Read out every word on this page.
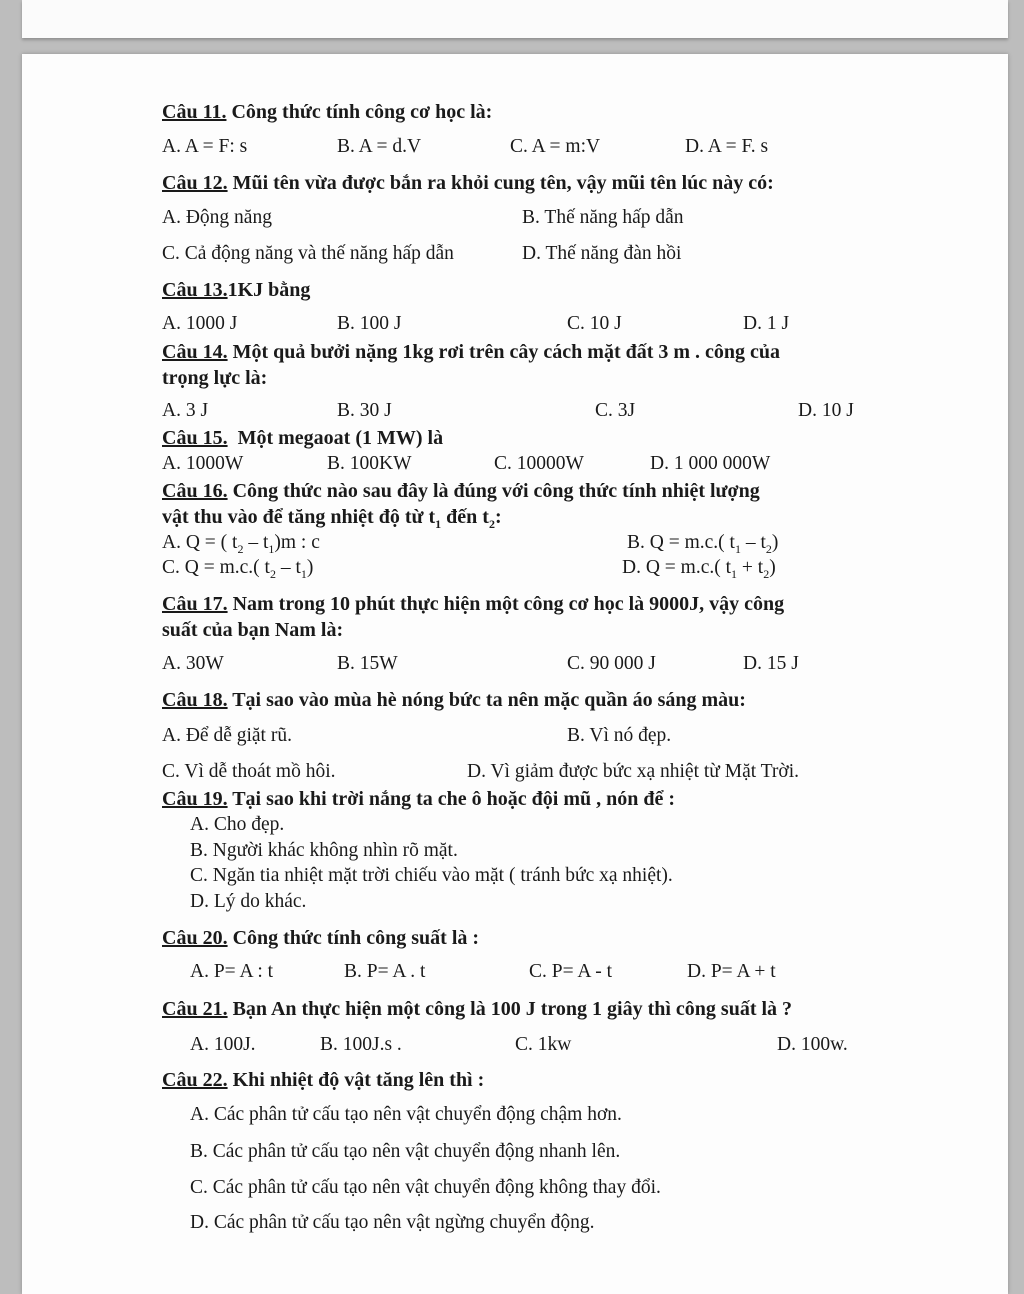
Câu 11. Công thức tính công cơ học là:
A. A = F: s	B. A = d.V	C. A = m:V	D. A = F. s
Câu 12. Mũi tên vừa được bắn ra khỏi cung tên, vậy mũi tên lúc này có:
A. Động năng	B. Thế năng hấp dẫn
C. Cả động năng và thế năng hấp dẫn	D. Thế năng đàn hồi
Câu 13.1KJ bằng
A. 1000 J	B. 100 J	C. 10 J	D. 1 J
Câu 14. Một quả bưởi nặng 1kg rơi trên cây cách mặt đất 3 m . công của
trọng lực là:
A. 3 J	B. 30 J	C. 3J	D. 10 J
Câu 15. Một megaoat (1 MW) là
A. 1000W	B. 100KW	C. 10000W	D. 1 000 000W
Câu 16. Công thức nào sau đây là đúng với công thức tính nhiệt lượng
vật thu vào để tăng nhiệt độ từ $t_1$ đến $t_2$:
A. Q = ( $t_2 - t_1)m$ : c	B. Q = m.c.( $t_1 - t_2$)
C. Q = m.c.( $t_2 - t_1$)	D. Q = m.c.( $t_1 + t_2$)
Câu 17. Nam trong 10 phút thực hiện một công cơ học là 9000J, vậy công
suất của bạn Nam là:
A. 30W	B. 15W	C. 90 000 J	D. 15 J
Câu 18. Tại sao vào mùa hè nóng bức ta nên mặc quần áo sáng màu:
A. Để dễ giặt rũ.	B. Vì nó đẹp.
C. Vì dễ thoát mồ hôi.	D. Vì giảm được bức xạ nhiệt từ Mặt Trời.
Câu 19. Tại sao khi trời nắng ta che ô hoặc đội mũ , nón để :
A. Cho đẹp.
B. Người khác không nhìn rõ mặt.
C. Ngăn tia nhiệt mặt trời chiếu vào mặt ( tránh bức xạ nhiệt).
D. Lý do khác.
Câu 20. Công thức tính công suất là :
A. P= A : t	B. P= A . t	C. P= A - t	D. P= A + t
Câu 21. Bạn An thực hiện một công là 100 J trong 1 giây thì công suất là ?
A. 100J.	B. 100J.s .	C. 1kw	D. 100w.
Câu 22. Khi nhiệt độ vật tăng lên thì :
A. Các phân tử cấu tạo nên vật chuyển động chậm hơn.
B. Các phân tử cấu tạo nên vật chuyển động nhanh lên.
C. Các phân tử cấu tạo nên vật chuyển động không thay đổi.
D. Các phân tử cấu tạo nên vật ngừng chuyển động.
